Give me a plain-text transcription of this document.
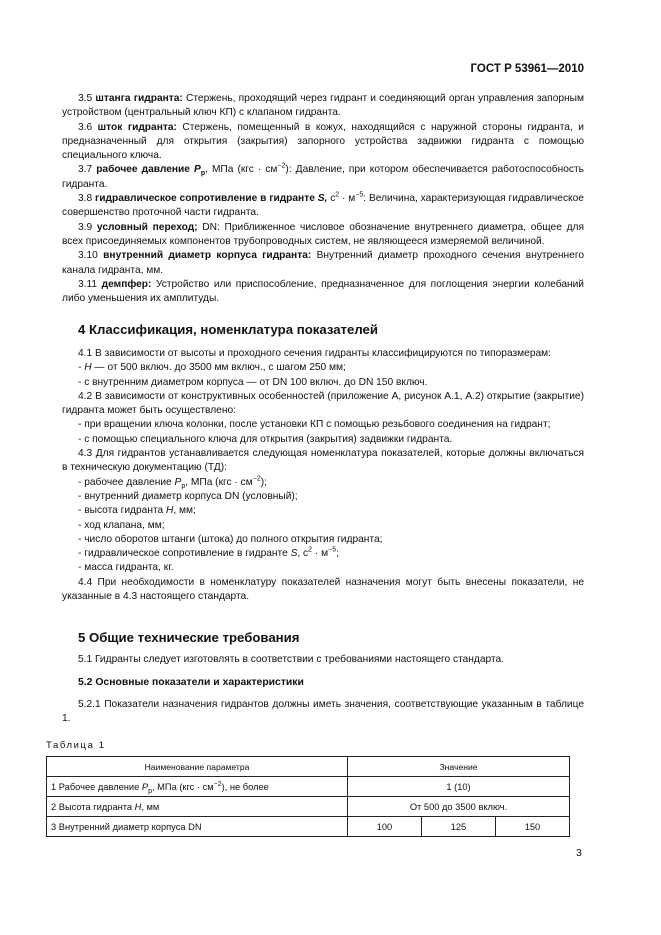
ГОСТ Р 53961—2010

3.5 штанга гидранта: Стержень, проходящий через гидрант и соединяющий орган управления запорным устройством (центральный ключ КП) с клапаном гидранта.

3.6 шток гидранта: Стержень, помещенный в кожух, находящийся с наружной стороны гидранта, и предназначенный для открытия (закрытия) запорного устройства задвижки гидранта с помощью специального ключа.

3.7 рабочее давление $P_р$, МПа $(кгс \cdot см^{-2})$: Давление, при котором обеспечивается работоспособность гидранта.

3.8 гидравлическое сопротивление в гидранте S, $с^2 \cdot м^{-5}$: Величина, характеризующая гидравлическое совершенство проточной части гидранта.

3.9 условный переход; DN: Приближенное числовое обозначение внутреннего диаметра, общее для всех присоединяемых компонентов трубопроводных систем, не являющееся измеряемой величиной.

3.10 внутренний диаметр корпуса гидранта: Внутренний диаметр проходного сечения внутреннего канала гидранта, мм.

3.11 демпфер: Устройство или приспособление, предназначенное для поглощения энергии колебаний либо уменьшения их амплитуды.

4 Классификация, номенклатура показателей

4.1 В зависимости от высоты и проходного сечения гидранты классифицируются по типоразмерам:

- Н — от 500 включ. до 3500 мм включ., с шагом 250 мм;

- с внутренним диаметром корпуса — от DN 100 включ. до DN 150 включ.

4.2 В зависимости от конструктивных особенностей (приложение А, рисунок А.1, А.2) открытие (закрытие) гидранта может быть осуществлено:

- при вращении ключа колонки, после установки КП с помощью резьбового соединения на гидрант;

- с помощью специального ключа для открытия (закрытия) задвижки гидранта.

4.3 Для гидрантов устанавливается следующая номенклатура показателей, которые должны включаться в техническую документацию (ТД):

- рабочее давление $P_р$, МПа $(кгс \cdot см^{-2})$;

- внутренний диаметр корпуса DN (условный);

- высота гидранта Н, мм;

- ход клапана, мм;

- число оборотов штанги (штока) до полного открытия гидранта;

- гидравлическое сопротивление в гидранте S, $с^2 \cdot м^{-5}$;

- масса гидранта, кг.

4.4 При необходимости в номенклатуру показателей назначения могут быть внесены показатели, не указанные в 4.3 настоящего стандарта.

5 Общие технические требования

5.1 Гидранты следует изготовлять в соответствии с требованиями настоящего стандарта.

5.2 Основные показатели и характеристики

5.2.1 Показатели назначения гидрантов должны иметь значения, соответствующие указанным в таблице 1.

Таблица 1
Наименование параметра	Значение		
1 Рабочее давление $P_р$, МПа $(кгс \cdot см^{-2})$, не более	1 (10)		
2 Высота гидранта Н, мм	От 500 до 3500 включ.		
3 Внутренний диаметр корпуса DN	100	125	150
3
